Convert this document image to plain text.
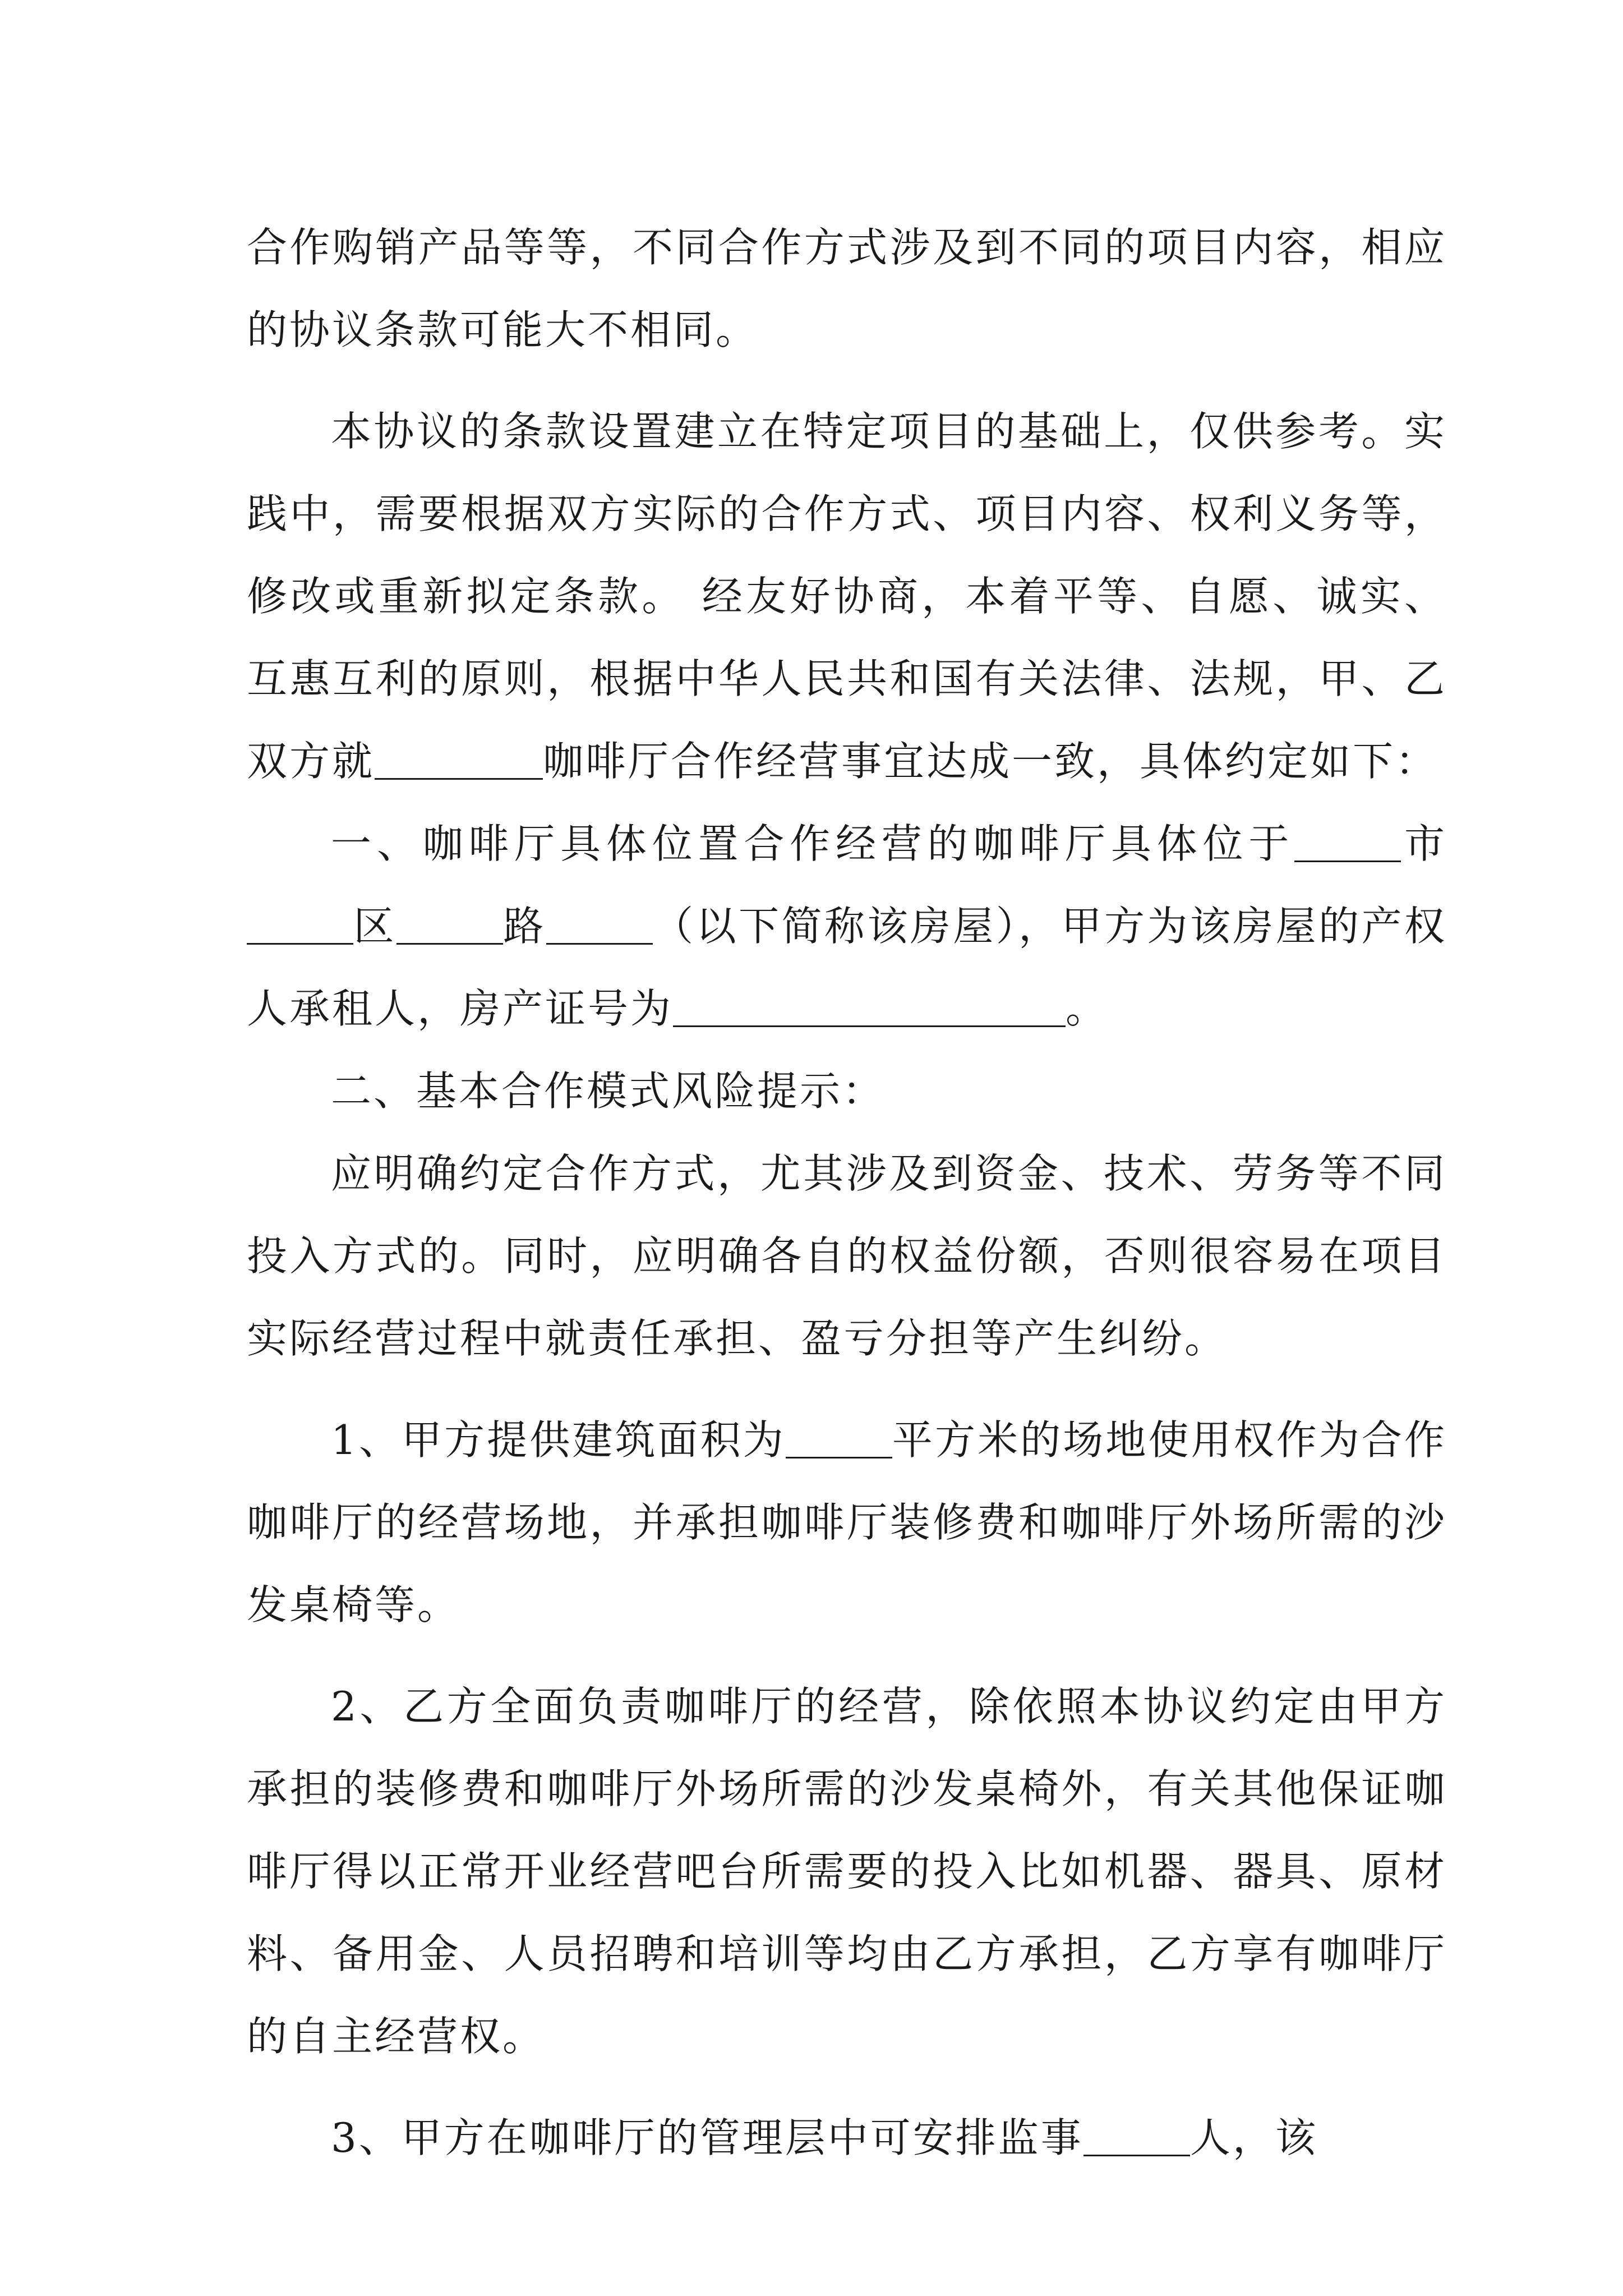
合作购销产品等等，不同合作方式涉及到不同的项目内容，相应的协议条款可能大不相同。

本协议的条款设置建立在特定项目的基础上，仅供参考。实践中，需要根据双方实际的合作方式、项目内容、权利义务等，修改或重新拟定条款。 经友好协商，本着平等、自愿、诚实、互惠互利的原则，根据中华人民共和国有关法律、法规，甲、乙双方就	咖啡厅合作经营事宜达成一致，具体约定如下：

一、咖啡厅具体位置合作经营的咖啡厅具体位于	市区	路	（以下简称该房屋），甲方为该房屋的产权人承租人，房产证号为	。

二、基本合作模式风险提示：

应明确约定合作方式，尤其涉及到资金、技术、劳务等不同投入方式的。同时，应明确各自的权益份额，否则很容易在项目实际经营过程中就责任承担、盈亏分担等产生纠纷。

1、甲方提供建筑面积为	平方米的场地使用权作为合作咖啡厅的经营场地，并承担咖啡厅装修费和咖啡厅外场所需的沙发桌椅等。

2、乙方全面负责咖啡厅的经营，除依照本协议约定由甲方承担的装修费和咖啡厅外场所需的沙发桌椅外，有关其他保证咖啡厅得以正常开业经营吧台所需要的投入比如机器、器具、原材料、备用金、人员招聘和培训等均由乙方承担，乙方享有咖啡厅的自主经营权。

3、甲方在咖啡厅的管理层中可安排监事	人，该
